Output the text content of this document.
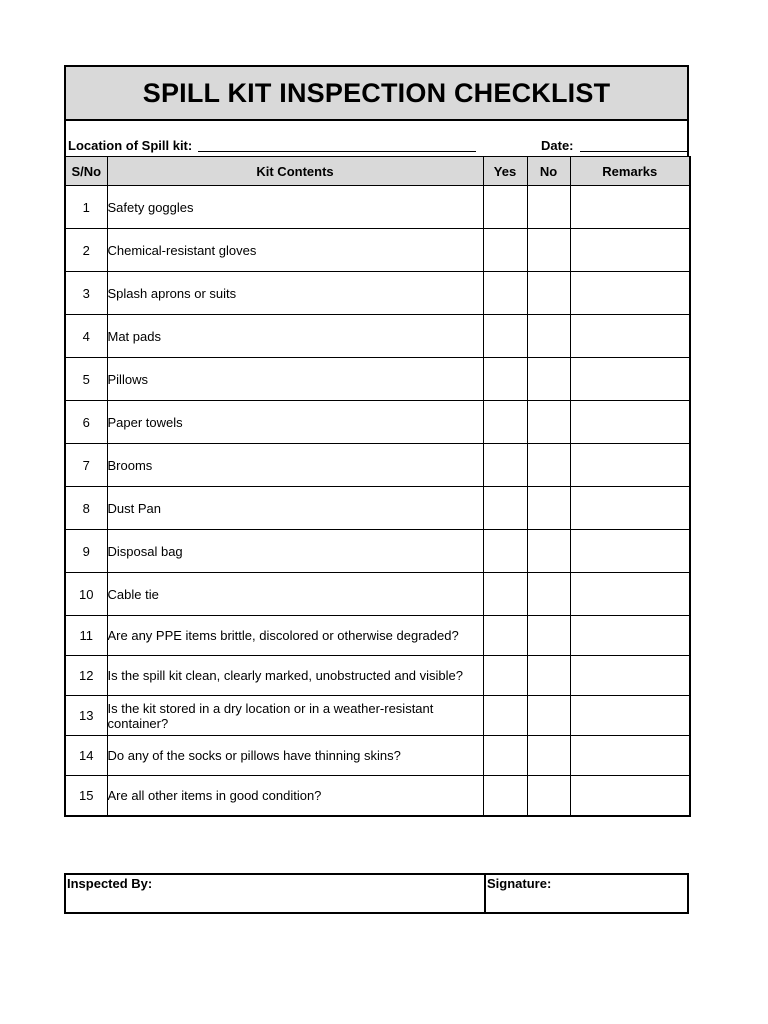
SPILL KIT INSPECTION CHECKLIST
Location of Spill kit:	Date:
S/No	Kit Contents	Yes	No	Remarks
1	Safety goggles			
2	Chemical-resistant gloves			
3	Splash aprons or suits			
4	Mat pads			
5	Pillows			
6	Paper towels			
7	Brooms			
8	Dust Pan			
9	Disposal bag			
10	Cable tie			
11	Are any PPE items brittle, discolored or otherwise degraded?			
12	Is the spill kit clean, clearly marked, unobstructed and visible?			
13	Is the kit stored in a dry location or in a weather-resistant container?			
14	Do any of the socks or pillows have thinning skins?			
15	Are all other items in good condition?			
Inspected By:	Signature:
